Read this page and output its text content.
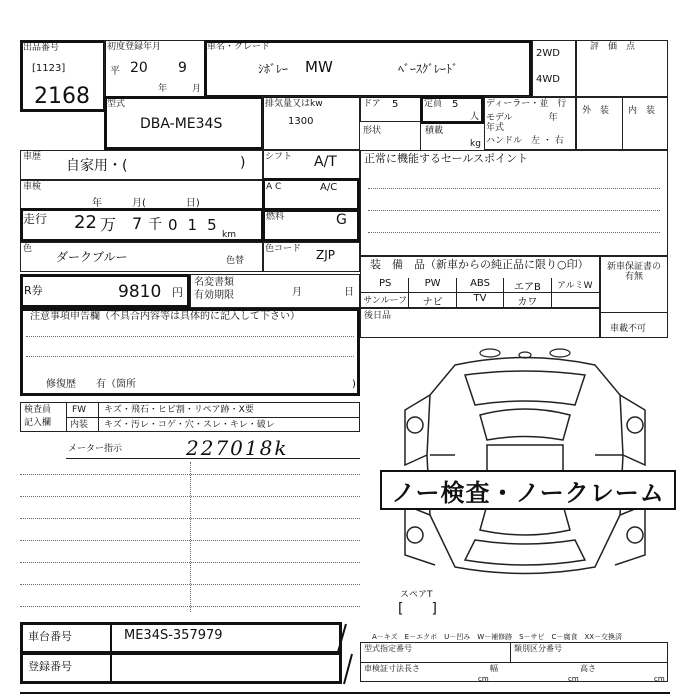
出品番号
[1123]
2168
初度登録年月
平 20 9
年	月
車名・グレード
ｼﾎﾞﾚｰ MW	ﾍﾞｰｽｸﾞﾚｰﾄﾞ
2WD
4WD
評　価　点
型式
DBA-ME34S
排気量又はkw
1300
ドア 5	定員 5
人
ディーラー・並　行
モデル　　　　年
年式
ハンドル　左 ・ 右
形状	積載
kg
外　装 内　装
車歴
自家用・(	) シフト A/T
車検
年　　　月(　　　　日)
A C	A/C
走行 22 万 7 千 015
km
燃料	G
色
ダークブルー	色替
色コード ZJP
R券	9810 円
名変書類
有効期限	月	日
注意事項申告欄（不具合内容等は具体的に記入して下さい）
修復歴　　有（箇所	)
正常に機能するセールスポイント
装　備　品（新車からの純正品に限り○印）
PS	PW	ABS	エアB	アルミW
サンルーフ	ナビ	TV	カワ
新車保証書の有無
車載不可
後日品
検査員
記入欄
FW キズ・飛石・ヒビ割・リペア跡・X要
内装 キズ・汚レ・コゲ・穴・スレ・キレ・破レ
メーター指示	227018k
ノー検査・ノークレーム
スペアT
[　　]
A－キズ　E－エクボ　U－凹み　W－補修跡　S－サビ　C－腐食　XX－交換済
型式指定番号	類別区分番号
車検証寸法 長さ	幅	高さ
cm	cm	cm
車台番号	ME34S-357979
登録番号
